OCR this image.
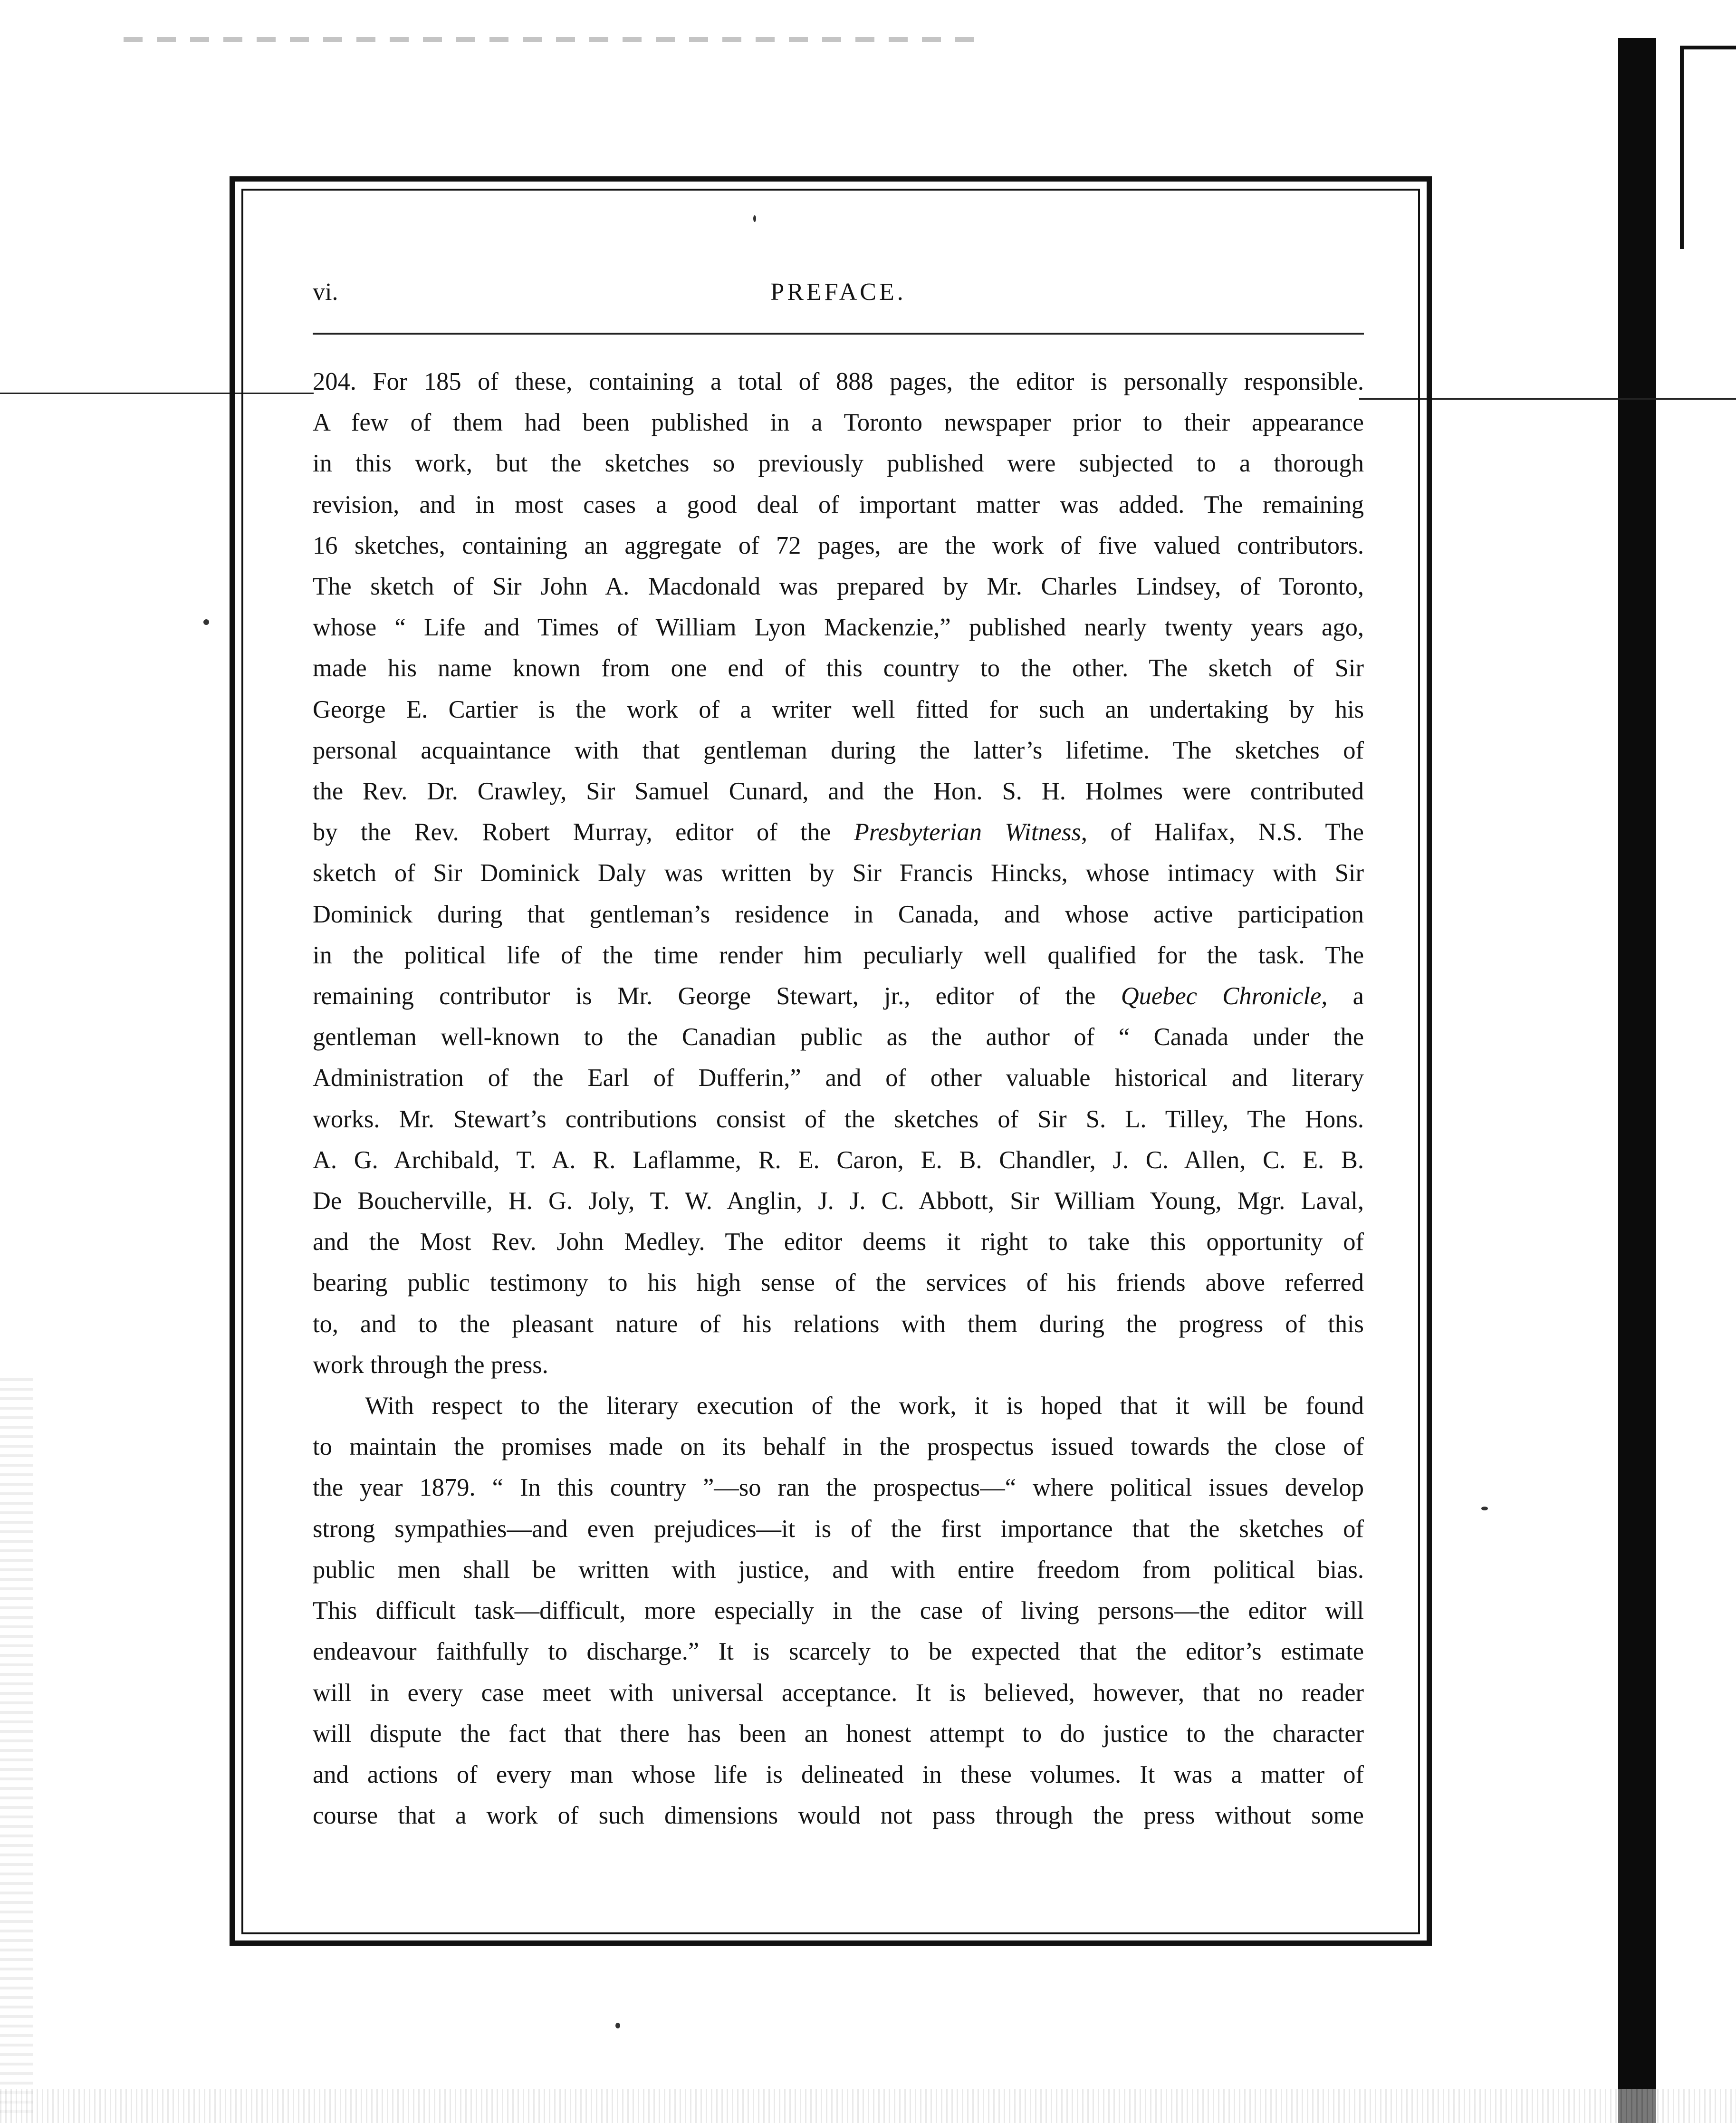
vi.	PREFACE.

204. For 185 of these, containing a total of 888 pages, the editor is personally responsible.

A few of them had been published in a Toronto newspaper prior to their appearance

in this work, but the sketches so previously published were subjected to a thorough

revision, and in most cases a good deal of important matter was added. The remaining

16 sketches, containing an aggregate of 72 pages, are the work of five valued contributors.

The sketch of Sir John A. Macdonald was prepared by Mr. Charles Lindsey, of Toronto,

whose “ Life and Times of William Lyon Mackenzie,” published nearly twenty years ago,

made his name known from one end of this country to the other. The sketch of Sir

George E. Cartier is the work of a writer well fitted for such an undertaking by his

personal acquaintance with that gentleman during the latter’s lifetime. The sketches of

the Rev. Dr. Crawley, Sir Samuel Cunard, and the Hon. S. H. Holmes were contributed

by the Rev. Robert Murray, editor of the Presbyterian Witness, of Halifax, N.S. The

sketch of Sir Dominick Daly was written by Sir Francis Hincks, whose intimacy with Sir

Dominick during that gentleman’s residence in Canada, and whose active participation

in the political life of the time render him peculiarly well qualified for the task. The

remaining contributor is Mr. George Stewart, jr., editor of the Quebec Chronicle, a

gentleman well-known to the Canadian public as the author of “ Canada under the

Administration of the Earl of Dufferin,” and of other valuable historical and literary

works. Mr. Stewart’s contributions consist of the sketches of Sir S. L. Tilley, The Hons.

A. G. Archibald, T. A. R. Laflamme, R. E. Caron, E. B. Chandler, J. C. Allen, C. E. B.

De Boucherville, H. G. Joly, T. W. Anglin, J. J. C. Abbott, Sir William Young, Mgr. Laval,

and the Most Rev. John Medley. The editor deems it right to take this opportunity of

bearing public testimony to his high sense of the services of his friends above referred

to, and to the pleasant nature of his relations with them during the progress of this

work through the press.

With respect to the literary execution of the work, it is hoped that it will be found

to maintain the promises made on its behalf in the prospectus issued towards the close of

the year 1879. “ In this country ”—so ran the prospectus—“ where political issues develop

strong sympathies—and even prejudices—it is of the first importance that the sketches of

public men shall be written with justice, and with entire freedom from political bias.

This difficult task—difficult, more especially in the case of living persons—the editor will

endeavour faithfully to discharge.” It is scarcely to be expected that the editor’s estimate

will in every case meet with universal acceptance. It is believed, however, that no reader

will dispute the fact that there has been an honest attempt to do justice to the character

and actions of every man whose life is delineated in these volumes. It was a matter of

course that a work of such dimensions would not pass through the press without some
